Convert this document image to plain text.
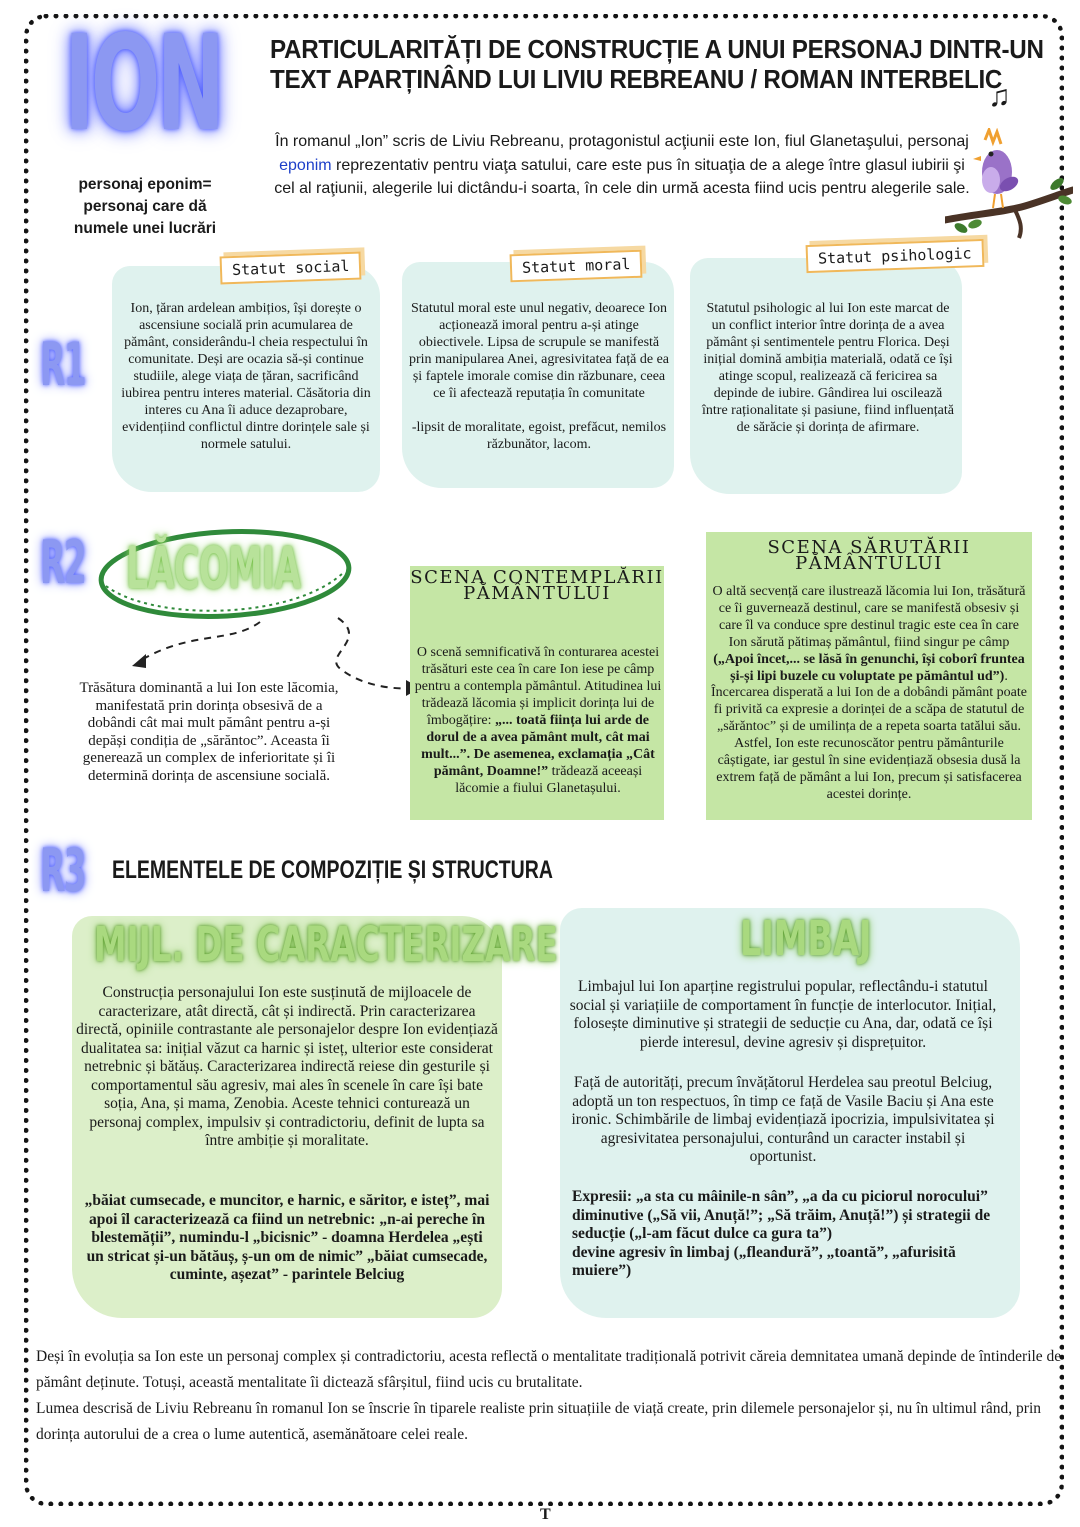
ION
personaj eponim= personaj care dă numele unei lucrări
PARTICULARITĂȚI DE CONSTRUCȚIE A UNUI PERSONAJ DINTR-UN
TEXT APARȚINÂND LUI LIVIU REBREANU / ROMAN INTERBELIC
♫
În romanul „Ion” scris de Liviu Rebreanu, protagonistul acţiunii este Ion, fiul Glanetaşului, personaj eponim reprezentativ pentru viaţa satului, care este pus în situaţia de a alege între glasul iubirii şi cel al raţiunii, alegerile lui dictându-i soarta, în cele din urmă acesta fiind ucis pentru alegerile sale.
R1
Statut social
Ion, țăran ardelean ambițios, își dorește o ascensiune socială prin acumularea de pământ, considerându-l cheia respectului în comunitate. Deși are ocazia să-și continue studiile, alege viața de țăran, sacrificând iubirea pentru interes material. Căsătoria din interes cu Ana îi aduce dezaprobare, evidențiind conflictul dintre dorințele sale și normele satului.
Statut moral
Statutul moral este unul negativ, deoarece Ion acționează imoral pentru a-și atinge obiectivele. Lipsa de scrupule se manifestă prin manipularea Anei, agresivitatea față de ea și faptele imorale comise din răzbunare, ceea ce îi afectează reputația în comunitate
-lipsit de moralitate, egoist, prefăcut, nemilos răzbunător, lacom.
Statut psihologic
Statutul psihologic al lui Ion este marcat de un conflict interior între dorința de a avea pământ și sentimentele pentru Florica. Deși inițial domină ambiția materială, odată ce își atinge scopul, realizează că fericirea sa depinde de iubire. Gândirea lui oscilează între raționalitate și pasiune, fiind influențată de sărăcie și dorința de afirmare.
R2 LĂCOMIA
Trăsătura dominantă a lui Ion este lăcomia, manifestată prin dorința obsesivă de a dobândi cât mai mult pământ pentru a-și depăși condiția de „sărăntoc”. Aceasta îi generează un complex de inferioritate și îi determină dorința de ascensiune socială.
SCENA CONTEMPLĂRII PĂMÂNTULUI
O scenă semnificativă în conturarea acestei trăsături este cea în care Ion iese pe câmp pentru a contempla pământul. Atitudinea lui trădează lăcomia și implicit dorința lui de îmbogățire: „... toată ființa lui arde de dorul de a avea pământ mult, cât mai mult...”. De asemenea, exclamația „Cât pământ, Doamne!” trădează aceeași lăcomie a fiului Glanetașului.
SCENA SĂRUTĂRII PĂMÂNTULUI
O altă secvență care ilustrează lăcomia lui Ion, trăsătură ce îi guvernează destinul, care se manifestă obsesiv și care îl va conduce spre destinul tragic este cea în care Ion sărută pătimaș pământul, fiind singur pe câmp („Apoi încet,... se lăsă în genunchi, își coborî fruntea și-și lipi buzele cu voluptate pe pământul ud”). Încercarea disperată a lui Ion de a dobândi pământ poate fi privită ca expresie a dorinței de a scăpa de statutul de „sărăntoc” și de umilința de a repeta soarta tatălui său. Astfel, Ion este recunoscător pentru pământurile câștigate, iar gestul în sine evidențiază obsesia dusă la extrem față de pământ a lui Ion, precum și satisfacerea acestei dorințe.
R3 ELEMENTELE DE COMPOZIȚIE ȘI STRUCTURA
MIJL. DE CARACTERIZARE
Construcția personajului Ion este susținută de mijloacele de caracterizare, atât directă, cât și indirectă. Prin caracterizarea directă, opiniile contrastante ale personajelor despre Ion evidențiază dualitatea sa: inițial văzut ca harnic și isteț, ulterior este considerat netrebnic și bătăuș. Caracterizarea indirectă reiese din gesturile și comportamentul său agresiv, mai ales în scenele în care își bate soția, Ana, și mama, Zenobia. Aceste tehnici conturează un personaj complex, impulsiv și contradictoriu, definit de lupta sa între ambiție și moralitate.
„băiat cumsecade, e muncitor, e harnic, e săritor, e isteț”, mai apoi îl caracterizează ca fiind un netrebnic: „n-ai pereche în blestemății”, numindu-l „bicisnic” - doamna Herdelea „ești un stricat și-un bătăuș, ș-un om de nimic” „băiat cumsecade, cuminte, așezat” - parintele Belciug
LIMBAJ
Limbajul lui Ion aparține registrului popular, reflectându-i statutul social și variațiile de comportament în funcție de interlocutor. Inițial, folosește diminutive și strategii de seducție cu Ana, dar, odată ce își pierde interesul, devine agresiv și disprețuitor.
Față de autorități, precum învățătorul Herdelea sau preotul Belciug, adoptă un ton respectuos, în timp ce față de Vasile Baciu și Ana este ironic. Schimbările de limbaj evidențiază ipocrizia, impulsivitatea și agresivitatea personajului, conturând un caracter instabil și oportunist.
Expresii: „a sta cu mâinile-n sân”, „a da cu piciorul norocului”
diminutive („Să vii, Anuță!”; „Să trăim, Anuță!”) și strategii de seducție („l-am făcut dulce ca gura ta”)
devine agresiv în limbaj („fleandură”, „toantă”, „afurisită muiere”)
Deși în evoluția sa Ion este un personaj complex și contradictoriu, acesta reflectă o mentalitate tradițională potrivit căreia demnitatea umană depinde de întinderile de pământ deținute. Totuși, această mentalitate îi dictează sfârșitul, fiind ucis cu brutalitate.
Lumea descrisă de Liviu Rebreanu în romanul Ion se înscrie în tiparele realiste prin situațiile de viață create, prin dilemele personajelor și, nu în ultimul rând, prin dorința autorului de a crea o lume autentică, asemănătoare celei reale.
T
